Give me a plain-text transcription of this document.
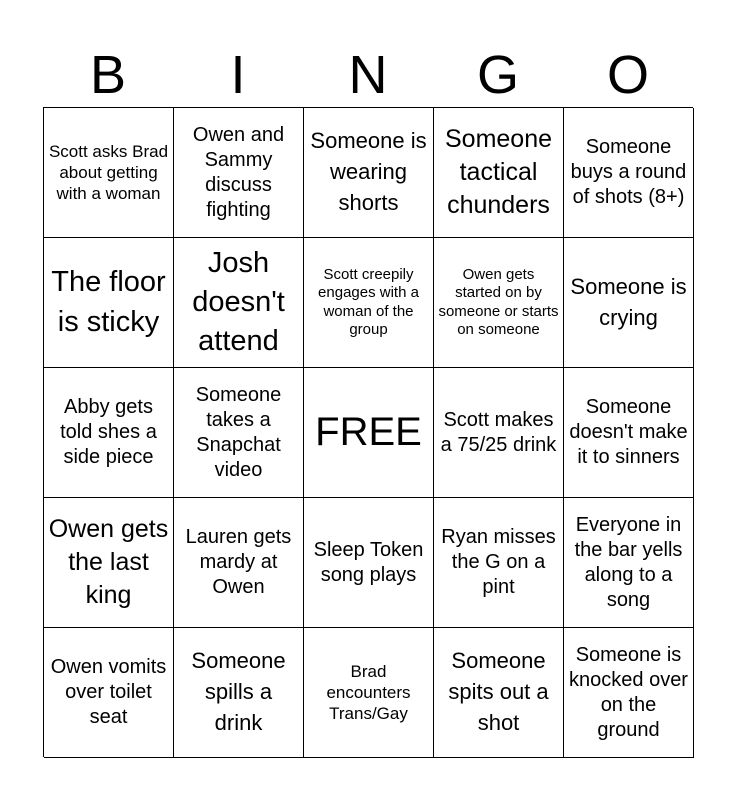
B	I	N	G	O
Scott asks Brad about getting with a woman
Owen and Sammy discuss fighting
Someone is wearing shorts
Someone tactical chunders
Someone buys a round of shots (8+)
The floor is sticky
Josh doesn't attend
Scott creepily engages with a woman of the group
Owen gets started on by someone or starts on someone
Someone is crying
Abby gets told shes a side piece
Someone takes a Snapchat video
FREE Scott makes a 75/25 drink
Someone doesn't make it to sinners
Owen gets the last king
Lauren gets mardy at Owen
Sleep Token song plays
Ryan misses the G on a pint
Everyone in the bar yells along to a song
Owen vomits over toilet seat
Someone spills a drink
Brad encounters Trans/Gay
Someone spits out a shot
Someone is knocked over on the ground
